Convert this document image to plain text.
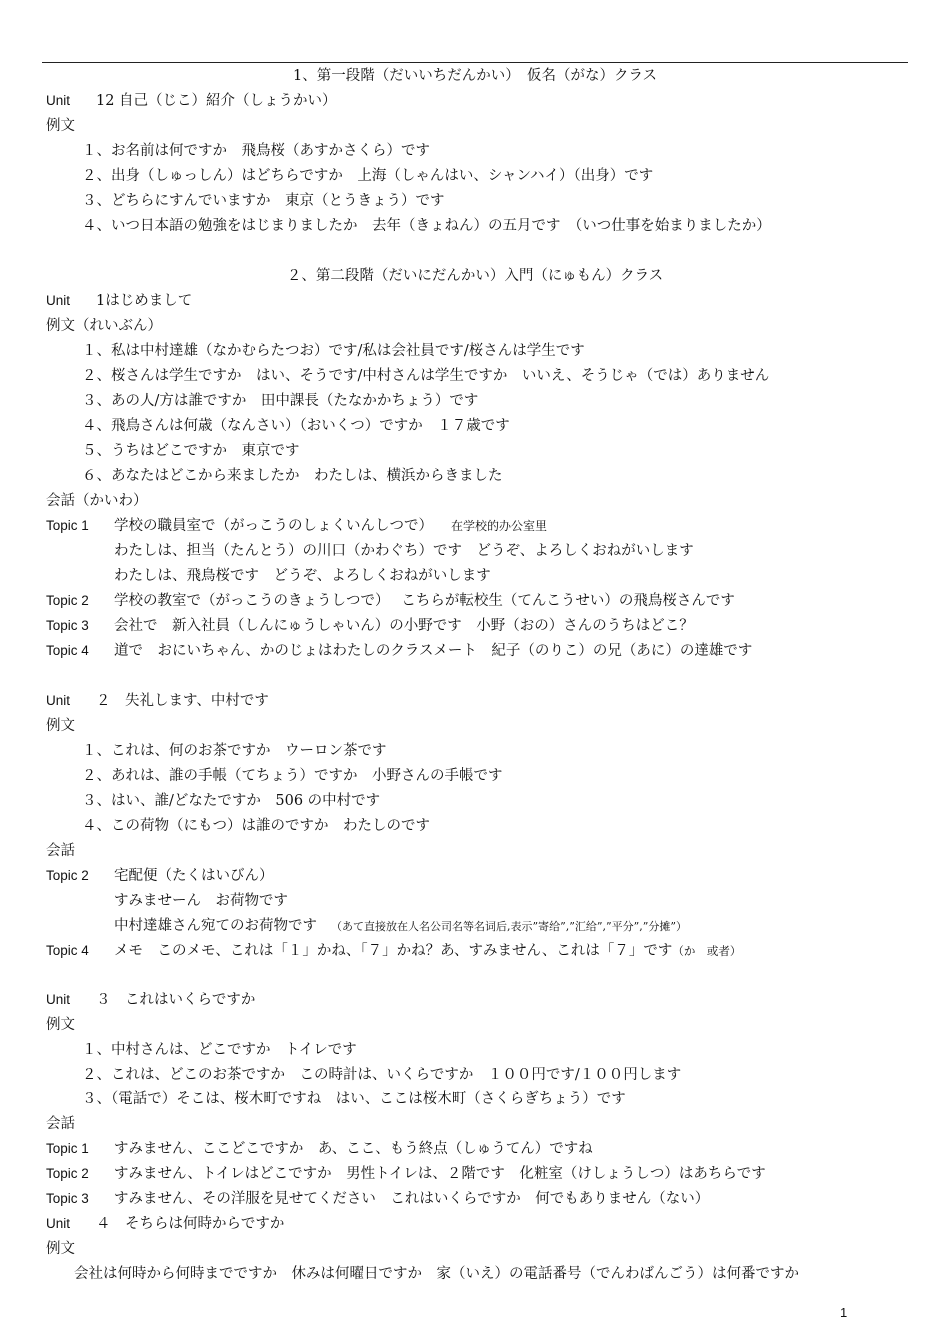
1、第一段階（だいいちだんかい）　仮名（がな）クラス
Unit 12 自己（じこ）紹介（しょうかい）
例文
１、お名前は何ですか　飛鳥桜（あすかさくら）です
２、出身（しゅっしん）はどちらですか　上海（しゃんはい、シャンハイ）（出身）です
３、どちらにすんでいますか　東京（とうきょう）です
４、いつ日本語の勉強をはじまりましたか　去年（きょねん）の五月です　（いつ仕事を始まりましたか）
２、第二段階（だいにだんかい）入門（にゅもん）クラス
Unit 1はじめまして
例文（れいぶん）
１、私は中村達雄（なかむらたつお）です/私は会社員です/桜さんは学生です
２、桜さんは学生ですか　はい、そうです/中村さんは学生ですか　いいえ、そうじゃ（では）ありません
３、あの人/方は誰ですか　田中課長（たなかかちょう）です
４、飛鳥さんは何歳（なんさい）（おいくつ）ですか　１７歳です
５、うちはどこですか　東京です
６、あなたはどこから来ましたか　わたしは、横浜からきました
会話（かいわ）
Topic 1 学校の職員室で（がっこうのしょくいんしつで） 在学校的办公室里
わたしは、担当（たんとう）の川口（かわぐち）です　どうぞ、よろしくおねがいします
わたしは、飛鳥桜です　どうぞ、よろしくおねがいします
Topic 2 学校の教室で（がっこうのきょうしつで）　 こちらが転校生（てんこうせい）の飛鳥桜さんです
Topic 3 会社で　新入社員（しんにゅうしゃいん）の小野です　小野（おの）さんのうちはどこ？
Topic 4 道で　おにいちゃん、かのじょはわたしのクラスメート　紀子（のりこ）の兄（あに）の達雄です
Unit ２　失礼します、中村です
例文
１、これは、何のお茶ですか　ウーロン茶です
２、あれは、誰の手帳（てちょう）ですか　小野さんの手帳です
３、はい、誰/どなたですか　506 の中村です
４、この荷物（にもつ）は誰のですか　わたしのです
会話
Topic 2 宅配便（たくはいびん）
すみませーん　お荷物です
中村達雄さん宛てのお荷物です （あて直接放在人名公司名等名词后,表示”寄给”,”汇给”,”平分”,”分摊”）
Topic 4 メモ　このメモ、これは「１」かね、「７」かね？あ、すみません、これは「７」です（か　或者）
Unit ３　これはいくらですか
例文
１、中村さんは、どこですか　トイレです
２、これは、どこのお茶ですか　この時計は、いくらですか　１００円です/１００円します
３、（電話で）そこは、桜木町ですね　はい、ここは桜木町（さくらぎちょう）です
会話
Topic 1 すみません、ここどこですか　あ、ここ、もう終点（しゅうてん）ですね
Topic 2 すみません、トイレはどこですか　男性トイレは、２階です　化粧室（けしょうしつ）はあちらです
Topic 3 すみません、その洋服を見せてください　これはいくらですか　何でもありません（ない）
Unit ４　そちらは何時からですか
例文
会社は何時から何時までですか　休みは何曜日ですか　家（いえ）の電話番号（でんわばんごう）は何番ですか
1
